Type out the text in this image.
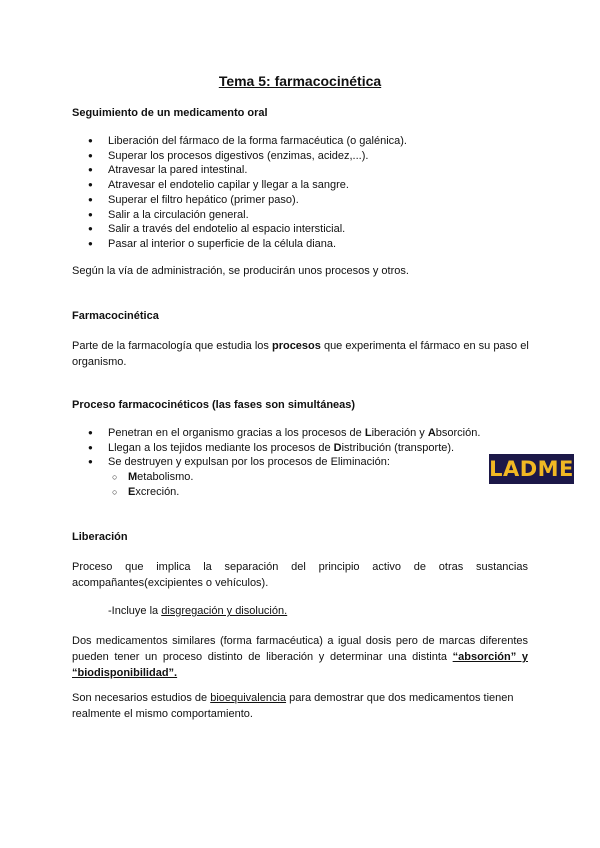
Tema 5: farmacocinética
Seguimiento de un medicamento oral
● Liberación del fármaco de la forma farmacéutica (o galénica).
● Superar los procesos digestivos (enzimas, acidez,...).
● Atravesar la pared intestinal.
● Atravesar el endotelio capilar y llegar a la sangre.
● Superar el filtro hepático (primer paso).
● Salir a la circulación general.
● Salir a través del endotelio al espacio intersticial.
● Pasar al interior o superficie de la célula diana.
Según la vía de administración, se producirán unos procesos y otros.
Farmacocinética
Parte de la farmacología que estudia los procesos que experimenta el fármaco en su paso el organismo.
Proceso farmacocinéticos (las fases son simultáneas)
● Penetran en el organismo gracias a los procesos de Liberación y Absorción.
● Llegan a los tejidos mediante los procesos de Distribución (transporte).
● Se destruyen y expulsan por los procesos de Eliminación:
○ Metabolismo.
○ Excreción.
LADME
Liberación
Proceso que implica la separación del principio activo de otras sustancias acompañantes(excipientes o vehículos).
-Incluye la disgregación y disolución.
Dos medicamentos similares (forma farmacéutica) a igual dosis pero de marcas diferentes pueden tener un proceso distinto de liberación y determinar una distinta “absorción” y “biodisponibilidad”.
Son necesarios estudios de bioequivalencia para demostrar que dos medicamentos tienen realmente el mismo comportamiento.
